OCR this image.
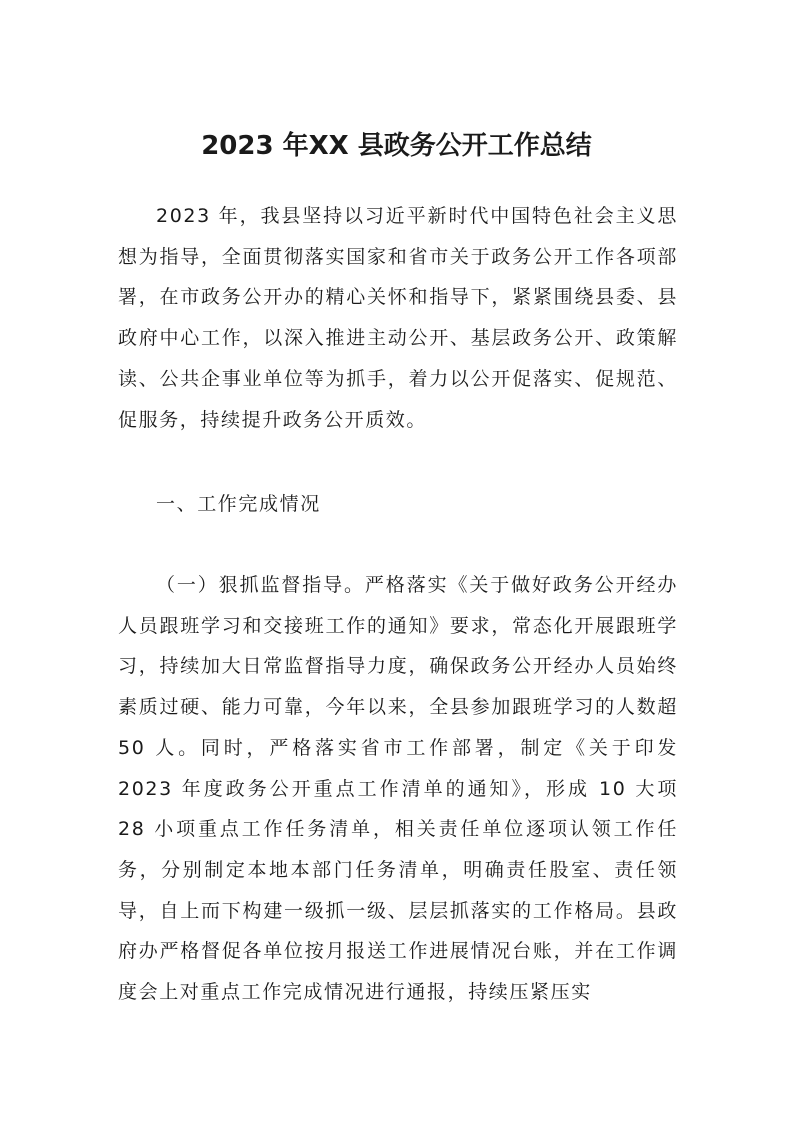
2023 年XX 县政务公开工作总结

2023 年，我县坚持以习近平新时代中国特色社会主义思想为指导，全面贯彻落实国家和省市关于政务公开工作各项部署，在市政务公开办的精心关怀和指导下，紧紧围绕县委、县政府中心工作，以深入推进主动公开、基层政务公开、政策解读、公共企事业单位等为抓手，着力以公开促落实、促规范、促服务，持续提升政务公开质效。

一、工作完成情况

（一）狠抓监督指导。严格落实《关于做好政务公开经办人员跟班学习和交接班工作的通知》要求，常态化开展跟班学习，持续加大日常监督指导力度，确保政务公开经办人员始终素质过硬、能力可靠，今年以来，全县参加跟班学习的人数超 50 人。同时，严格落实省市工作部署，制定《关于印发 2023 年度政务公开重点工作清单的通知》，形成 10 大项 28 小项重点工作任务清单，相关责任单位逐项认领工作任务，分别制定本地本部门任务清单，明确责任股室、责任领导，自上而下构建一级抓一级、层层抓落实的工作格局。县政府办严格督促各单位按月报送工作进展情况台账，并在工作调度会上对重点工作完成情况进行通报，持续压紧压实
